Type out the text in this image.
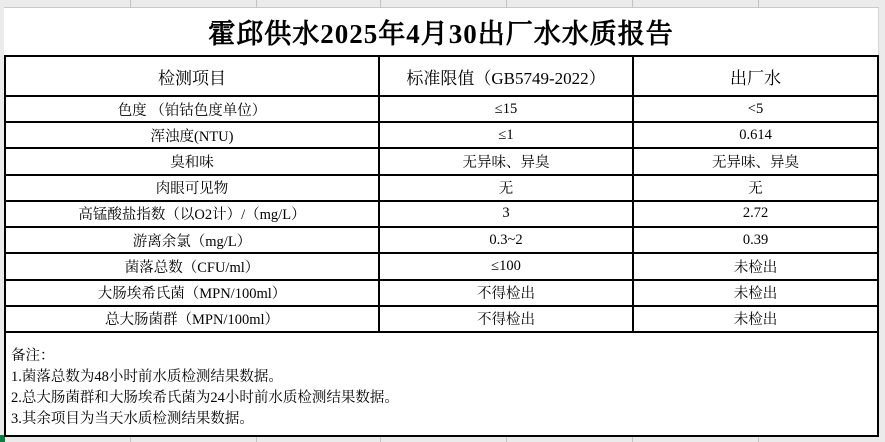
霍邱供水2025年4月30出厂水水质报告
检测项目	标准限值（GB5749-2022）	出厂水
色度 （铂钴色度单位）	≤15	<5
浑浊度(NTU)	≤1	0.614
臭和味	无异味、异臭	无异味、异臭
肉眼可见物	无	无
高锰酸盐指数（以O2计）/（mg/L）	3	2.72
游离余氯（mg/L）	0.3~2	0.39
菌落总数（CFU/ml）	≤100	未检出
大肠埃希氏菌（MPN/100ml）	不得检出	未检出
总大肠菌群（MPN/100ml）	不得检出	未检出
备注：
1.菌落总数为48小时前水质检测结果数据。
2.总大肠菌群和大肠埃希氏菌为24小时前水质检测结果数据。
3.其余项目为当天水质检测结果数据。
